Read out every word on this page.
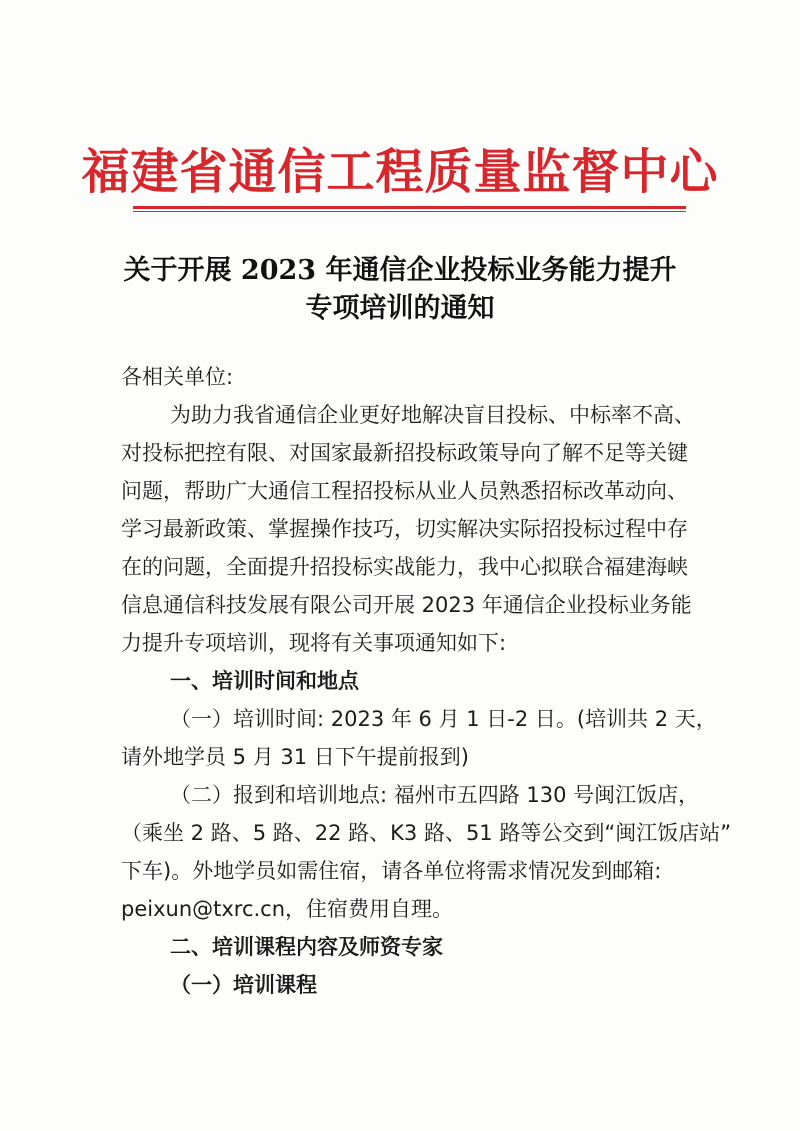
福建省通信工程质量监督中心
关于开展 2023 年通信企业投标业务能力提升
专项培训的通知
各相关单位:
为助力我省通信企业更好地解决盲目投标、中标率不高、
对投标把控有限、对国家最新招投标政策导向了解不足等关键
问题，帮助广大通信工程招投标从业人员熟悉招标改革动向、
学习最新政策、掌握操作技巧，切实解决实际招投标过程中存
在的问题，全面提升招投标实战能力，我中心拟联合福建海峡
信息通信科技发展有限公司开展 2023 年通信企业投标业务能
力提升专项培训，现将有关事项通知如下:
一、培训时间和地点
（一）培训时间: 2023 年 6 月 1 日-2 日。(培训共 2 天，
请外地学员 5 月 31 日下午提前报到)
（二）报到和培训地点: 福州市五四路 130 号闽江饭店，
（乘坐 2 路、5 路、22 路、K3 路、51 路等公交到“闽江饭店站”
下车)。外地学员如需住宿，请各单位将需求情况发到邮箱:
peixun@txrc.cn，住宿费用自理。
二、培训课程内容及师资专家
（一）培训课程
